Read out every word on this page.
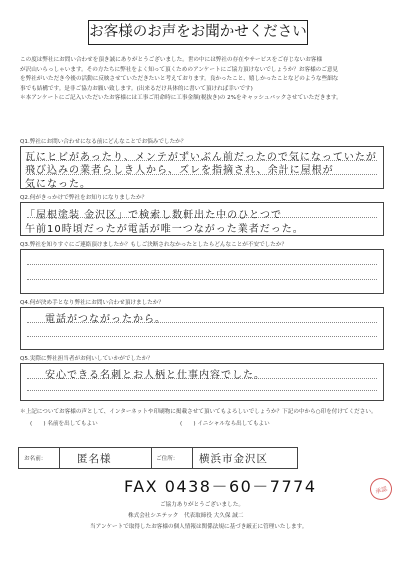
お客様のお声をお聞かせください

この度は弊社にお問い合わせを頂き誠にありがとうございました。世の中には弊社の存在やサービスをご存じないお客様

が沢山いらっしゃいます。その方たちに弊社をよく知って頂くためのアンケートにご協力頂けないでしょうか？お客様のご意見

を弊社がいただき今後の活動に反映させていただきたいと考えております。良かったこと、嬉しかったことなどのような些細な

事でも結構です。是非ご協力お願い致します。(出来るだけ具体的に書いて頂ければ幸いです)

＊本アンケートにご記入いただいたお客様には工事ご用命時に工事金額(税抜き)の 2%をキャッシュバックさせていただきます。

Q1.弊社にお問い合わせになる前にどんなことでお悩みでしたか？
瓦にヒビがあったり、メンテがずいぶん前だったので気になっていたが
飛び込みの業者らしき人から、ズレを指摘され、余計に屋根が
気になった。
Q2.何がきっかけで弊社をお知りになりましたか？
「屋根塗装 金沢区」で検索し数軒出た中のひとつで
午前10時頃だったが電話が唯一つながった業者だった。
Q3.弊社を知りすぐにご連絡頂けましたか？もしご決断されなかったとしたらどんなことが不安でしたか？
Q4.何が決め手となり弊社にお問い合わせ頂けましたか？
電話がつながったから。
Q5.実際に弊社担当者がお伺いしていかがでしたか？
安心できる名刺とお人柄と仕事内容でした。
＊上記についてお客様の声として、インターネットや印刷物に掲載させて頂いてもよろしいでしょうか？下記の中から○印を付けてください。
(　　) 名前を出してもよい	(　　) イニシャルなら出してもよい
お名前：	匿名様	ご住所： 横浜市金沢区
FAX 0438－60－7774
ご協力ありがとうございました。
株式会社シエテック　代表取締役 大久保 誠二
当アンケートで取得したお客様の個人情報は関係法規に基づき厳正に管理いたします。
承認
